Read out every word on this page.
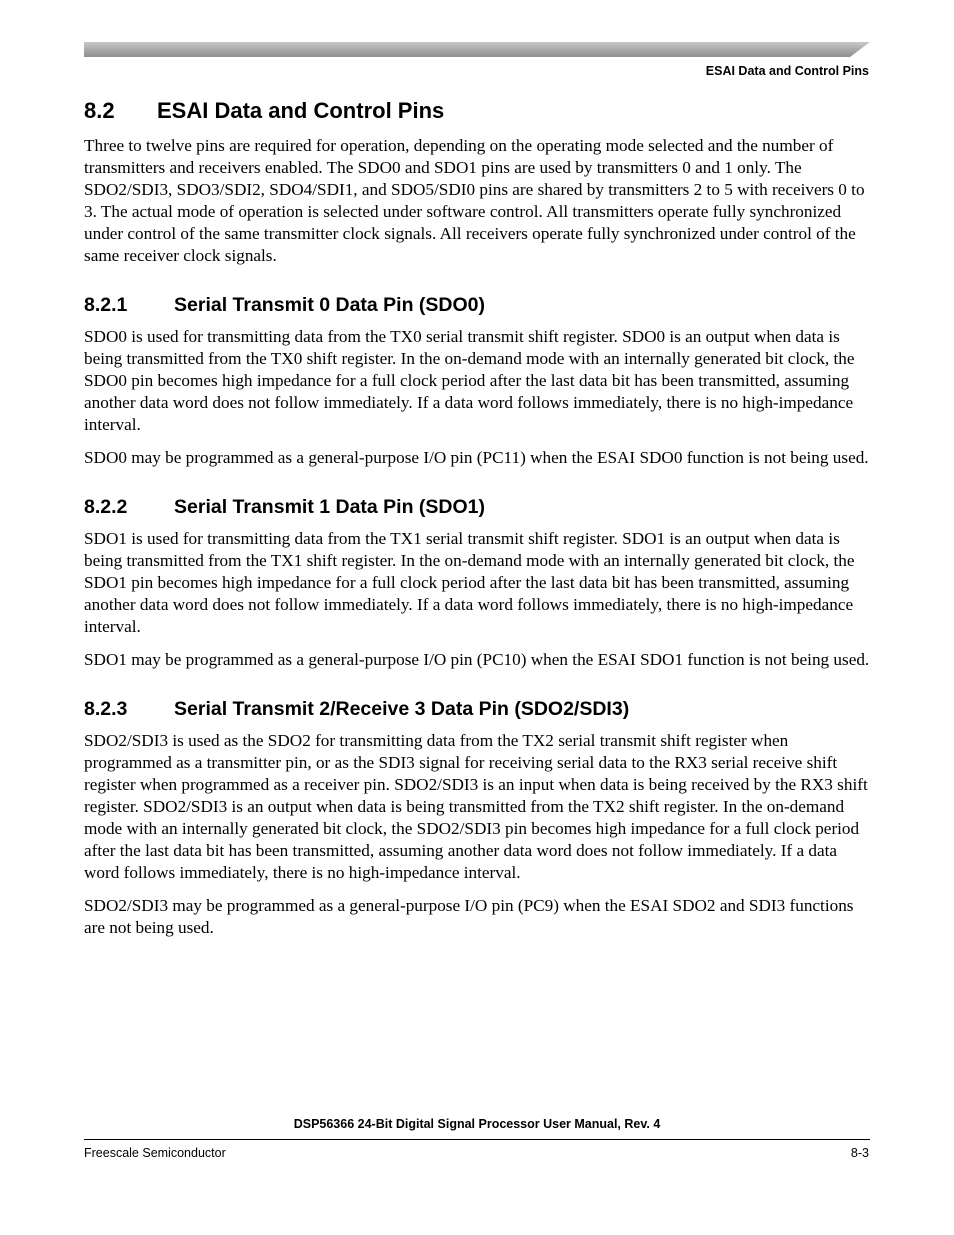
ESAI Data and Control Pins
8.2	ESAI Data and Control Pins

Three to twelve pins are required for operation, depending on the operating mode selected and the number of transmitters and receivers enabled. The SDO0 and SDO1 pins are used by transmitters 0 and 1 only. The SDO2/SDI3, SDO3/SDI2, SDO4/SDI1, and SDO5/SDI0 pins are shared by transmitters 2 to 5 with receivers 0 to 3. The actual mode of operation is selected under software control. All transmitters operate fully synchronized under control of the same transmitter clock signals. All receivers operate fully synchronized under control of the same receiver clock signals.

8.2.1	Serial Transmit 0 Data Pin (SDO0)

SDO0 is used for transmitting data from the TX0 serial transmit shift register. SDO0 is an output when data is being transmitted from the TX0 shift register. In the on-demand mode with an internally generated bit clock, the SDO0 pin becomes high impedance for a full clock period after the last data bit has been transmitted, assuming another data word does not follow immediately. If a data word follows immediately, there is no high-impedance interval.

SDO0 may be programmed as a general-purpose I/O pin (PC11) when the ESAI SDO0 function is not being used.

8.2.2	Serial Transmit 1 Data Pin (SDO1)

SDO1 is used for transmitting data from the TX1 serial transmit shift register. SDO1 is an output when data is being transmitted from the TX1 shift register. In the on-demand mode with an internally generated bit clock, the SDO1 pin becomes high impedance for a full clock period after the last data bit has been transmitted, assuming another data word does not follow immediately. If a data word follows immediately, there is no high-impedance interval.

SDO1 may be programmed as a general-purpose I/O pin (PC10) when the ESAI SDO1 function is not being used.

8.2.3	Serial Transmit 2/Receive 3 Data Pin (SDO2/SDI3)

SDO2/SDI3 is used as the SDO2 for transmitting data from the TX2 serial transmit shift register when programmed as a transmitter pin, or as the SDI3 signal for receiving serial data to the RX3 serial receive shift register when programmed as a receiver pin. SDO2/SDI3 is an input when data is being received by the RX3 shift register. SDO2/SDI3 is an output when data is being transmitted from the TX2 shift register. In the on-demand mode with an internally generated bit clock, the SDO2/SDI3 pin becomes high impedance for a full clock period after the last data bit has been transmitted, assuming another data word does not follow immediately. If a data word follows immediately, there is no high-impedance interval.

SDO2/SDI3 may be programmed as a general-purpose I/O pin (PC9) when the ESAI SDO2 and SDI3 functions are not being used.

DSP56366 24-Bit Digital Signal Processor User Manual, Rev. 4
Freescale Semiconductor	8-3
